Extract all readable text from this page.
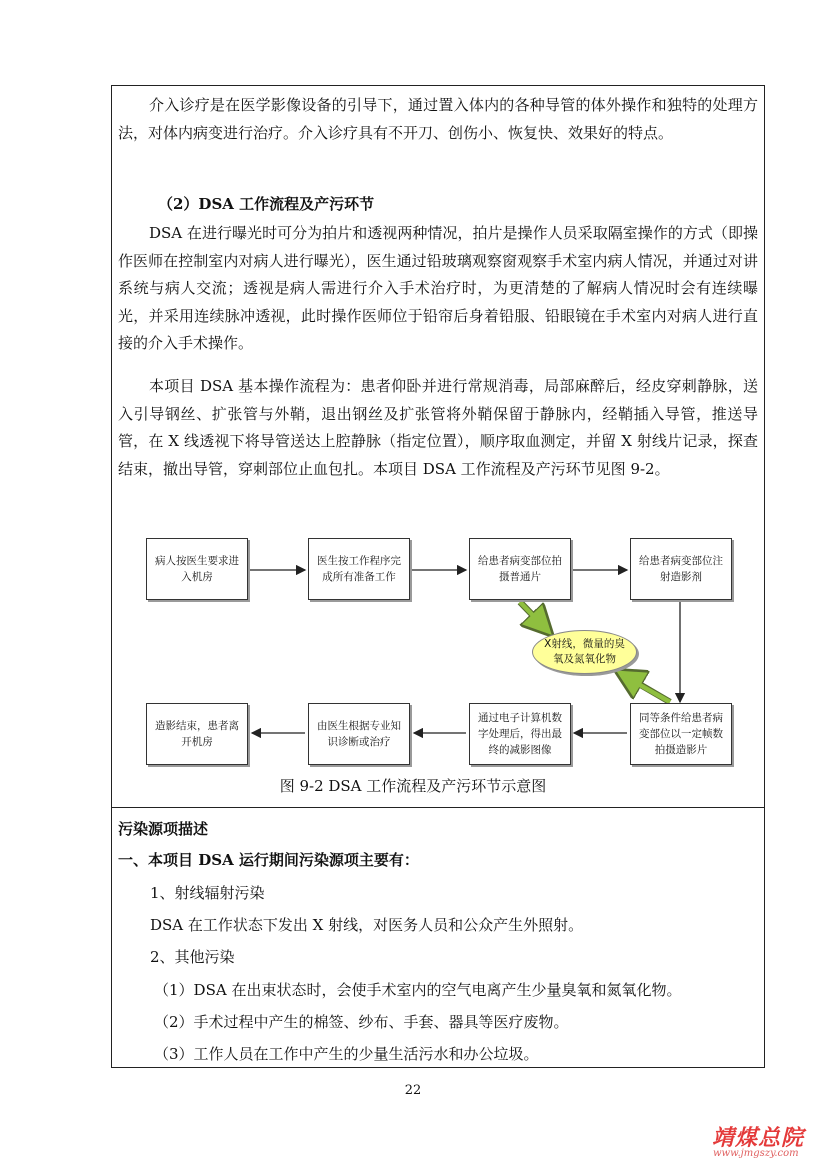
介入诊疗是在医学影像设备的引导下，通过置入体内的各种导管的体外操作和独特的处理方法，对体内病变进行治疗。介入诊疗具有不开刀、创伤小、恢复快、效果好的特点。

（2）DSA 工作流程及产污环节

DSA 在进行曝光时可分为拍片和透视两种情况，拍片是操作人员采取隔室操作的方式（即操作医师在控制室内对病人进行曝光），医生通过铅玻璃观察窗观察手术室内病人情况，并通过对讲系统与病人交流；透视是病人需进行介入手术治疗时，为更清楚的了解病人情况时会有连续曝光，并采用连续脉冲透视，此时操作医师位于铅帘后身着铅服、铅眼镜在手术室内对病人进行直接的介入手术操作。

本项目 DSA 基本操作流程为：患者仰卧并进行常规消毒，局部麻醉后，经皮穿刺静脉，送入引导钢丝、扩张管与外鞘，退出钢丝及扩张管将外鞘保留于静脉内，经鞘插入导管，推送导管，在 X 线透视下将导管送达上腔静脉（指定位置），顺序取血测定，并留 X 射线片记录，探查结束，撤出导管，穿刺部位止血包扎。本项目 DSA 工作流程及产污环节见图 9-2。

病人按医生要求进入机房
医生按工作程序完成所有准备工作
给患者病变部位拍摄普通片
给患者病变部位注射造影剂
同等条件给患者病变部位以一定帧数拍摄造影片
通过电子计算机数字处理后，得出最终的减影图像
由医生根据专业知识诊断或治疗
造影结束，患者离开机房
X射线，微量的臭氧及氮氧化物

图 9-2 DSA 工作流程及产污环节示意图

污染源项描述

一、本项目 DSA 运行期间污染源项主要有：

1、射线辐射污染

DSA 在工作状态下发出 X 射线，对医务人员和公众产生外照射。

2、其他污染

（1）DSA 在出束状态时，会使手术室内的空气电离产生少量臭氧和氮氧化物。

（2）手术过程中产生的棉签、纱布、手套、器具等医疗废物。

（3）工作人员在工作中产生的少量生活污水和办公垃圾。

22
靖煤总院
www.jmgszy.com
